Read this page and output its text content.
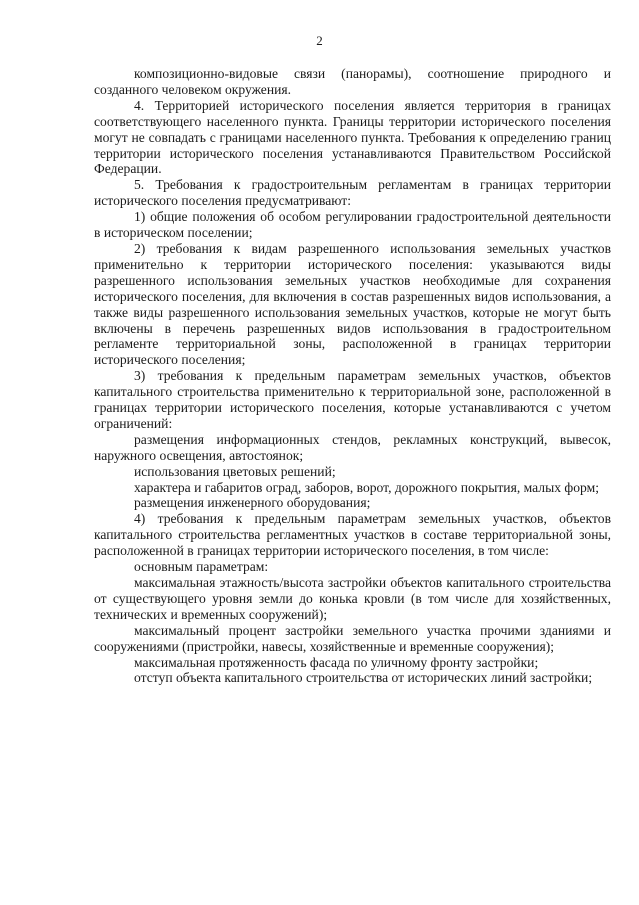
2

композиционно-видовые связи (панорамы), соотношение природного и созданного человеком окружения.

4. Территорией исторического поселения является территория в границах соответствующего населенного пункта. Границы территории исторического поселения могут не совпадать с границами населенного пункта. Требования к определению границ территории исторического поселения устанавливаются Правительством Российской Федерации.

5. Требования к градостроительным регламентам в границах территории исторического поселения предусматривают:

1) общие положения об особом регулировании градостроительной деятельности в историческом поселении;

2) требования к видам разрешенного использования земельных участков применительно к территории исторического поселения: указываются виды разрешенного использования земельных участков необходимые для сохранения исторического поселения, для включения в состав разрешенных видов использования, а также виды разрешенного использования земельных участков, которые не могут быть включены в перечень разрешенных видов использования в градостроительном регламенте территориальной зоны, расположенной в границах территории исторического поселения;

3) требования к предельным параметрам земельных участков, объектов капитального строительства применительно к территориальной зоне, расположенной в границах территории исторического поселения, которые устанавливаются с учетом ограничений:

размещения информационных стендов, рекламных конструкций, вывесок, наружного освещения, автостоянок;

использования цветовых решений;

характера и габаритов оград, заборов, ворот, дорожного покрытия, малых форм;

размещения инженерного оборудования;

4) требования к предельным параметрам земельных участков, объектов капитального строительства регламентных участков в составе территориальной зоны, расположенной в границах территории исторического поселения, в том числе:

основным параметрам:

максимальная этажность/высота застройки объектов капитального строительства от существующего уровня земли до конька кровли (в том числе для хозяйственных, технических и временных сооружений);

максимальный процент застройки земельного участка прочими зданиями и сооружениями (пристройки, навесы, хозяйственные и временные сооружения);

максимальная протяженность фасада по уличному фронту застройки;

отступ объекта капитального строительства от исторических линий застройки;
